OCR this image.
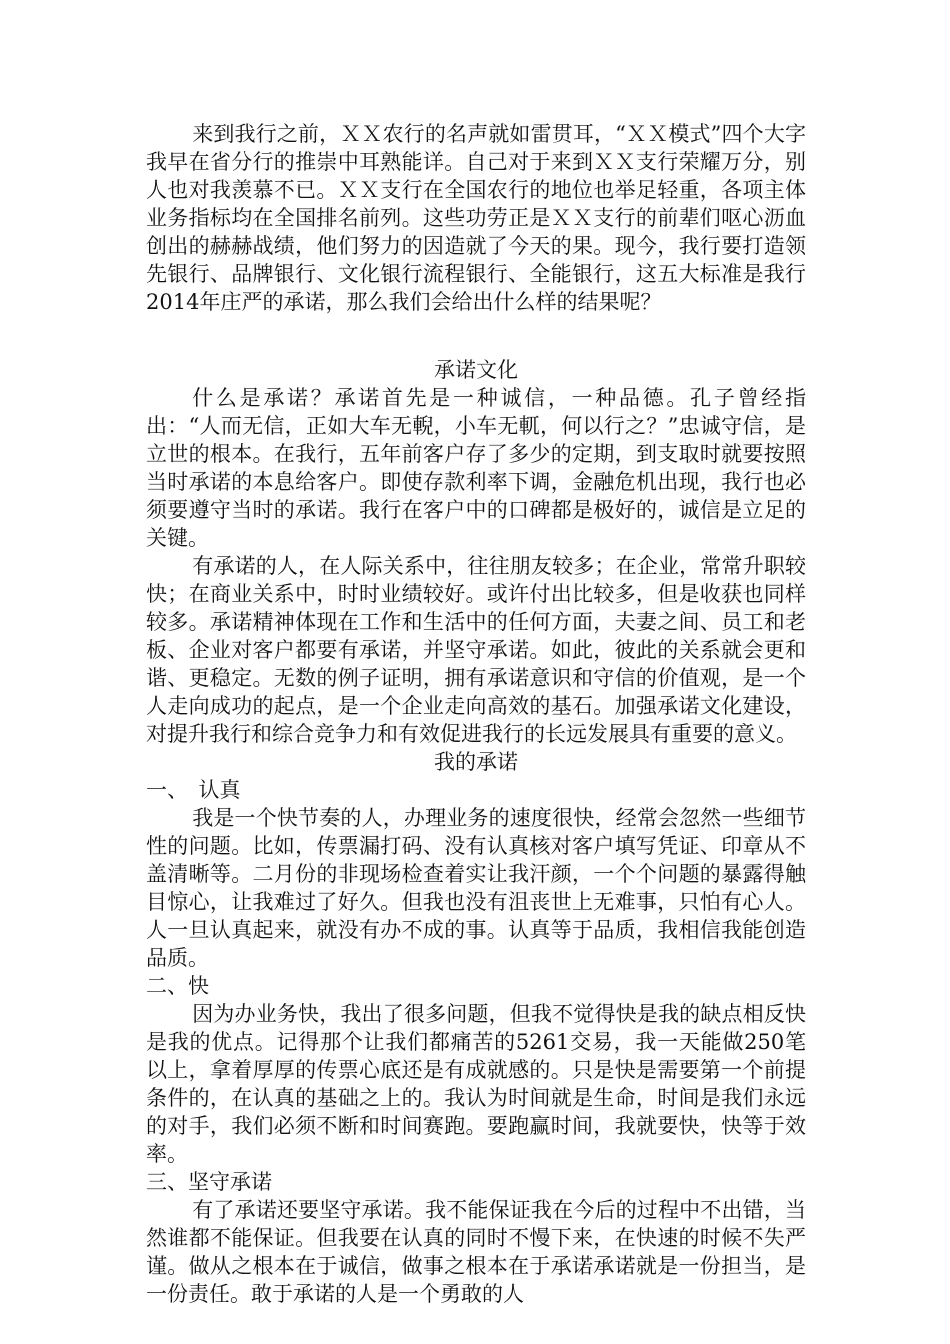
来到我行之前，ＸＸ农行的名声就如雷贯耳，“ＸＸ模式”四个大字我早在省分行的推崇中耳熟能详。自己对于来到ＸＸ支行荣耀万分，别人也对我羡慕不已。ＸＸ支行在全国农行的地位也举足轻重，各项主体业务指标均在全国排名前列。这些功劳正是ＸＸ支行的前辈们呕心沥血创出的赫赫战绩，他们努力的因造就了今天的果。现今，我行要打造领先银行、品牌银行、文化银行流程银行、全能银行，这五大标准是我行2014年庄严的承诺，那么我们会给出什么样的结果呢？

承诺文化

什么是承诺？承诺首先是一种诚信，一种品德。孔子曾经指出：“人而无信，正如大车无輗，小车无軏，何以行之？”忠诚守信，是立世的根本。在我行，五年前客户存了多少的定期，到支取时就要按照当时承诺的本息给客户。即使存款利率下调，金融危机出现，我行也必须要遵守当时的承诺。我行在客户中的口碑都是极好的，诚信是立足的关键。

有承诺的人，在人际关系中，往往朋友较多；在企业，常常升职较快；在商业关系中，时时业绩较好。或许付出比较多，但是收获也同样较多。承诺精神体现在工作和生活中的任何方面，夫妻之间、员工和老板、企业对客户都要有承诺，并坚守承诺。如此，彼此的关系就会更和谐、更稳定。无数的例子证明，拥有承诺意识和守信的价值观，是一个人走向成功的起点，是一个企业走向高效的基石。加强承诺文化建设，对提升我行和综合竞争力和有效促进我行的长远发展具有重要的意义。

我的承诺

一、　认真

我是一个快节奏的人，办理业务的速度很快，经常会忽然一些细节性的问题。比如，传票漏打码、没有认真核对客户填写凭证、印章从不盖清晰等。二月份的非现场检查着实让我汗颜，一个个问题的暴露得触目惊心，让我难过了好久。但我也没有沮丧世上无难事，只怕有心人。人一旦认真起来，就没有办不成的事。认真等于品质，我相信我能创造品质。

二、快

因为办业务快，我出了很多问题，但我不觉得快是我的缺点相反快是我的优点。记得那个让我们都痛苦的5261交易，我一天能做250笔以上，拿着厚厚的传票心底还是有成就感的。只是快是需要第一个前提条件的，在认真的基础之上的。我认为时间就是生命，时间是我们永远的对手，我们必须不断和时间赛跑。要跑赢时间，我就要快，快等于效率。

三、坚守承诺

有了承诺还要坚守承诺。我不能保证我在今后的过程中不出错，当然谁都不能保证。但我要在认真的同时不慢下来，在快速的时候不失严谨。做从之根本在于诚信，做事之根本在于承诺承诺就是一份担当，是一份责任。敢于承诺的人是一个勇敢的人
